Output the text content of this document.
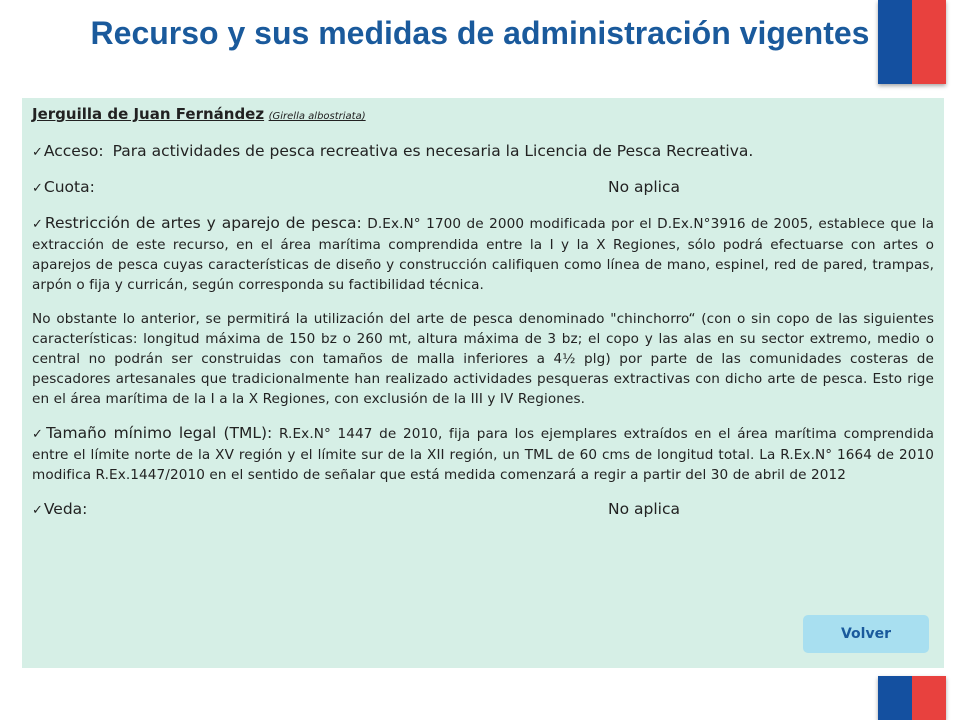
Recurso y sus medidas de administración vigentes
Jerguilla de Juan Fernández (Girella albostriata)
✓Acceso: Para actividades de pesca recreativa es necesaria la Licencia de Pesca Recreativa.
✓Cuota:	No aplica
✓Restricción de artes y aparejo de pesca: D.Ex.N° 1700 de 2000 modificada por el D.Ex.N°3916 de 2005, establece que la extracción de este recurso, en el área marítima comprendida entre la I y la X Regiones, sólo podrá efectuarse con artes o aparejos de pesca cuyas características de diseño y construcción califiquen como línea de mano, espinel, red de pared, trampas, arpón o fija y curricán, según corresponda su factibilidad técnica.
No obstante lo anterior, se permitirá la utilización del arte de pesca denominado "chinchorro“ (con o sin copo de las siguientes características: longitud máxima de 150 bz o 260 mt, altura máxima de 3 bz; el copo y las alas en su sector extremo, medio o central no podrán ser construidas con tamaños de malla inferiores a 4½ plg) por parte de las comunidades costeras de pescadores artesanales que tradicionalmente han realizado actividades pesqueras extractivas con dicho arte de pesca. Esto rige en el área marítima de la I a la X Regiones, con exclusión de la III y IV Regiones.
✓Tamaño mínimo legal (TML): R.Ex.N° 1447 de 2010, fija para los ejemplares extraídos en el área marítima comprendida entre el límite norte de la XV región y el límite sur de la XII región, un TML de 60 cms de longitud total. La R.Ex.N° 1664 de 2010 modifica R.Ex.1447/2010 en el sentido de señalar que está medida comenzará a regir a partir del 30 de abril de 2012
✓Veda:	No aplica
Volver
